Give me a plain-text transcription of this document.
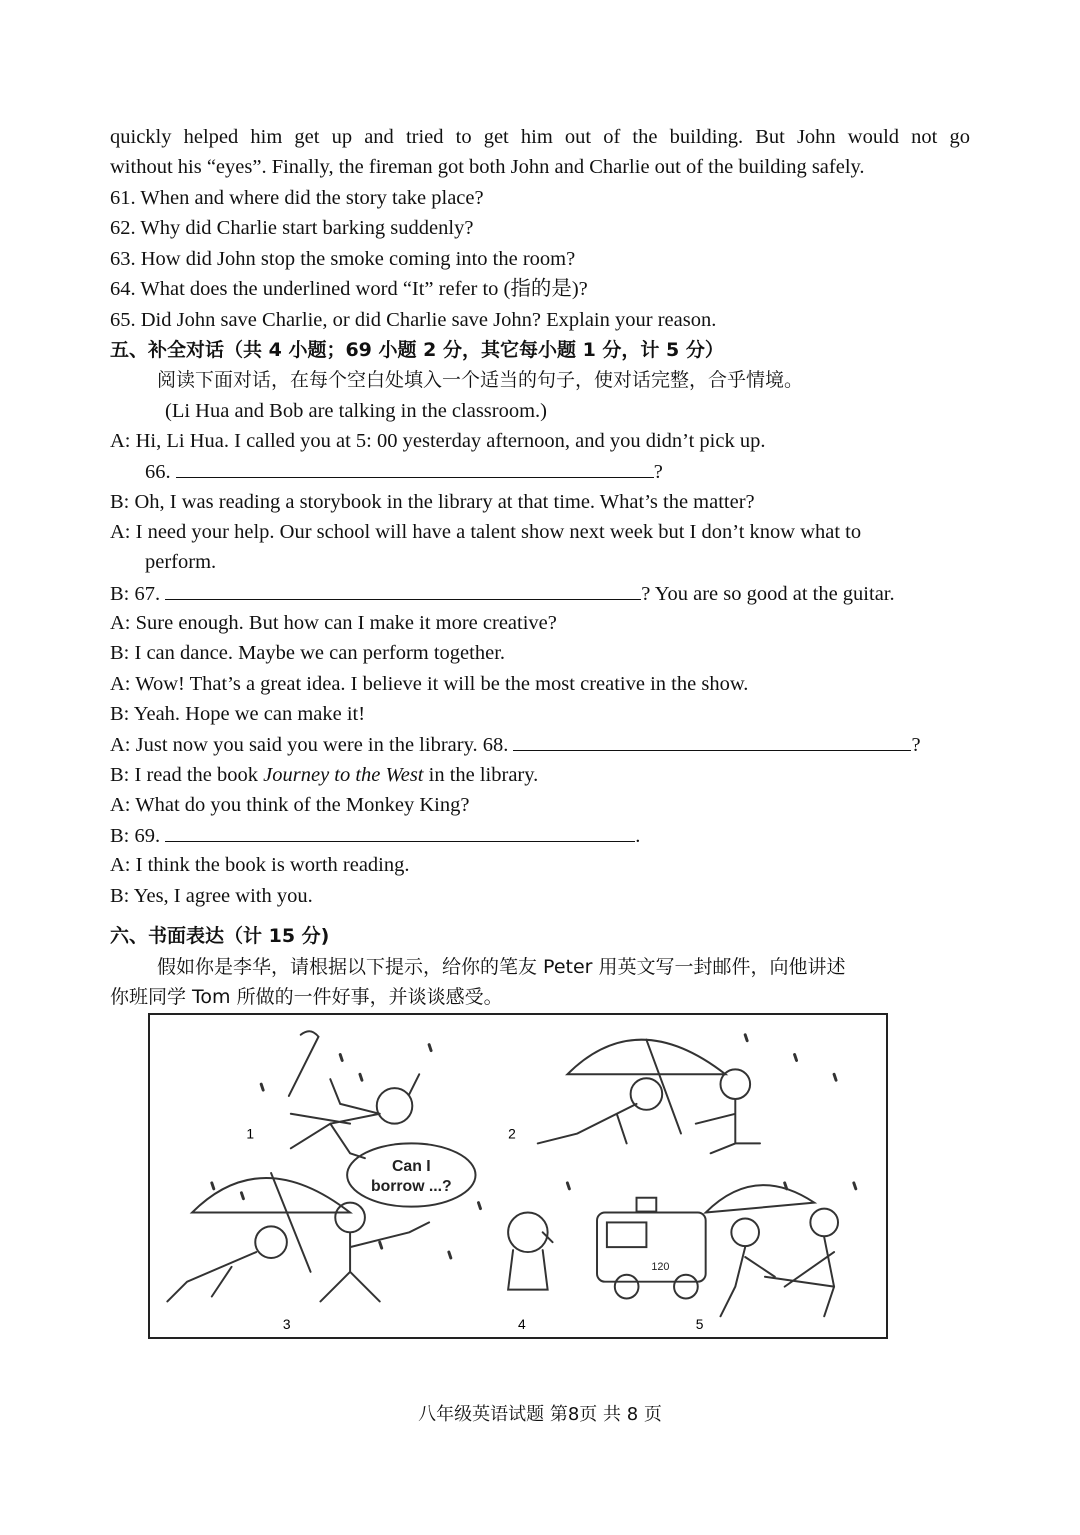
quickly helped him get up and tried to get him out of the building. But John would not go
without his “eyes”. Finally, the fireman got both John and Charlie out of the building safely.
61. When and where did the story take place?
62. Why did Charlie start barking suddenly?
63. How did John stop the smoke coming into the room?
64. What does the underlined word “It” refer to (指的是)?
65. Did John save Charlie, or did Charlie save John? Explain your reason.
五、补全对话（共 4 小题；69 小题 2 分，其它每小题 1 分，计 5 分）
阅读下面对话，在每个空白处填入一个适当的句子，使对话完整，合乎情境。
(Li Hua and Bob are talking in the classroom.)
A: Hi, Li Hua. I called you at 5: 00 yesterday afternoon, and you didn’t pick up.
66.	?
B: Oh, I was reading a storybook in the library at that time. What’s the matter?
A: I need your help. Our school will have a talent show next week but I don’t know what to
perform.
B: 67.	? You are so good at the guitar.
A: Sure enough. But how can I make it more creative?
B: I can dance. Maybe we can perform together.
A: Wow! That’s a great idea. I believe it will be the most creative in the show.
B: Yeah. Hope we can make it!
A: Just now you said you were in the library. 68.	?
B: I read the book Journey to the West in the library.
A: What do you think of the Monkey King?
B: 69.	.
A: I think the book is worth reading.
B: Yes, I agree with you.
六、书面表达（计 15 分)
假如你是李华，请根据以下提示，给你的笔友 Peter 用英文写一封邮件，向他讲述
你班同学 Tom 所做的一件好事，并谈谈感受。
Can I
borrow ...?
120
1	2
3	4	5
八年级英语试题 第8页 共 8 页
